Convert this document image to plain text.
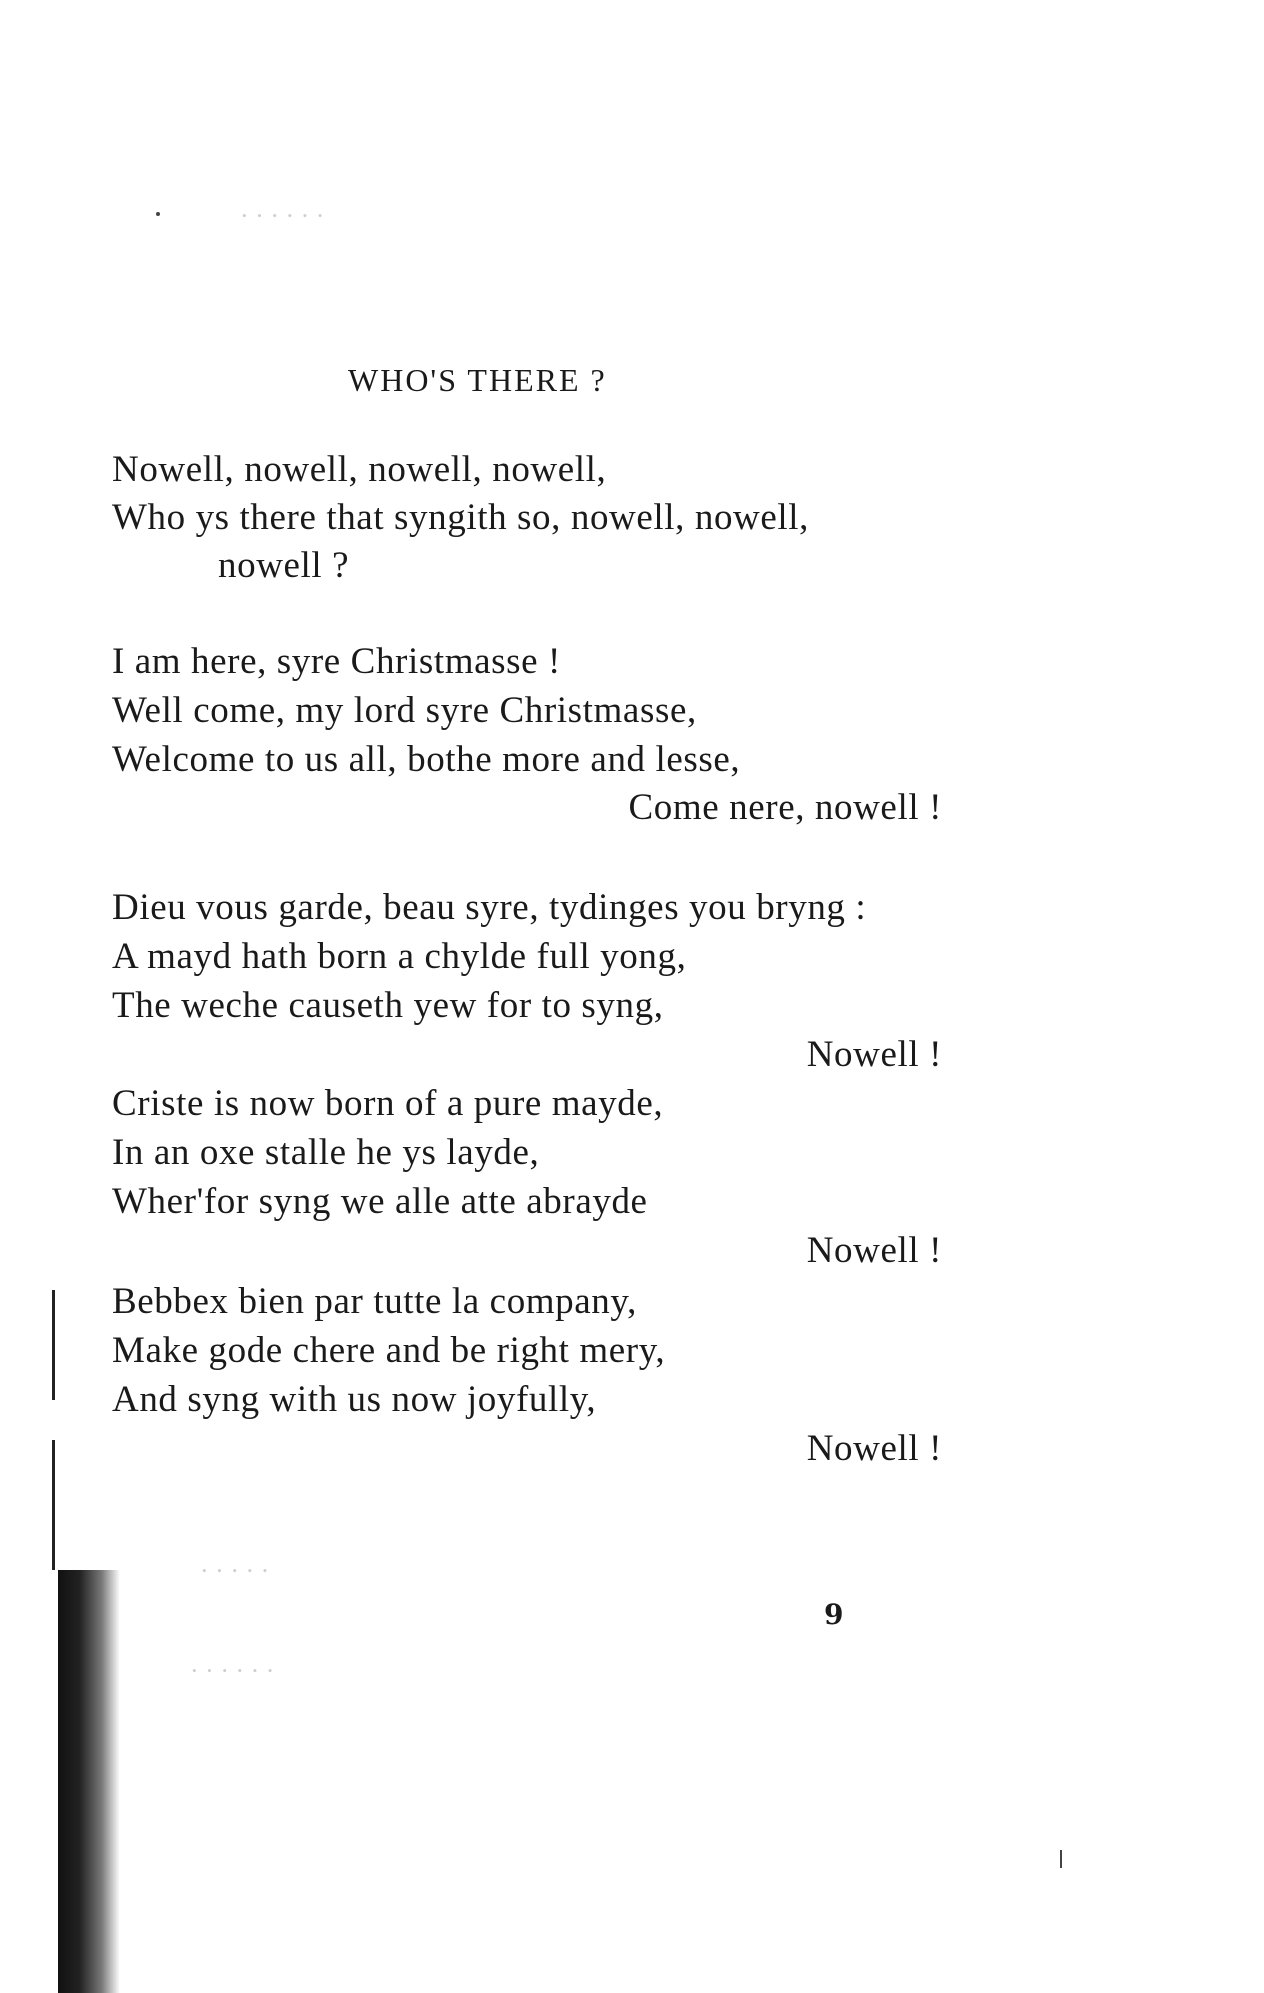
· · · · · ·
WHO'S THERE ?
Nowell, nowell, nowell, nowell,
Who ys there that syngith so, nowell, nowell,
nowell ?
I am here, syre Christmasse !
Well come, my lord syre Christmasse,
Welcome to us all, bothe more and lesse,
Come nere, nowell !
Dieu vous garde, beau syre, tydinges you bryng :
A mayd hath born a chylde full yong,
The weche causeth yew for to syng,
Nowell !
Criste is now born of a pure mayde,
In an oxe stalle he ys layde,
Wher'for syng we alle atte abrayde
Nowell !
Bebbex bien par tutte la company,
Make gode chere and be right mery,
And syng with us now joyfully,
Nowell !
9
· · · · ·
· · · · · ·
